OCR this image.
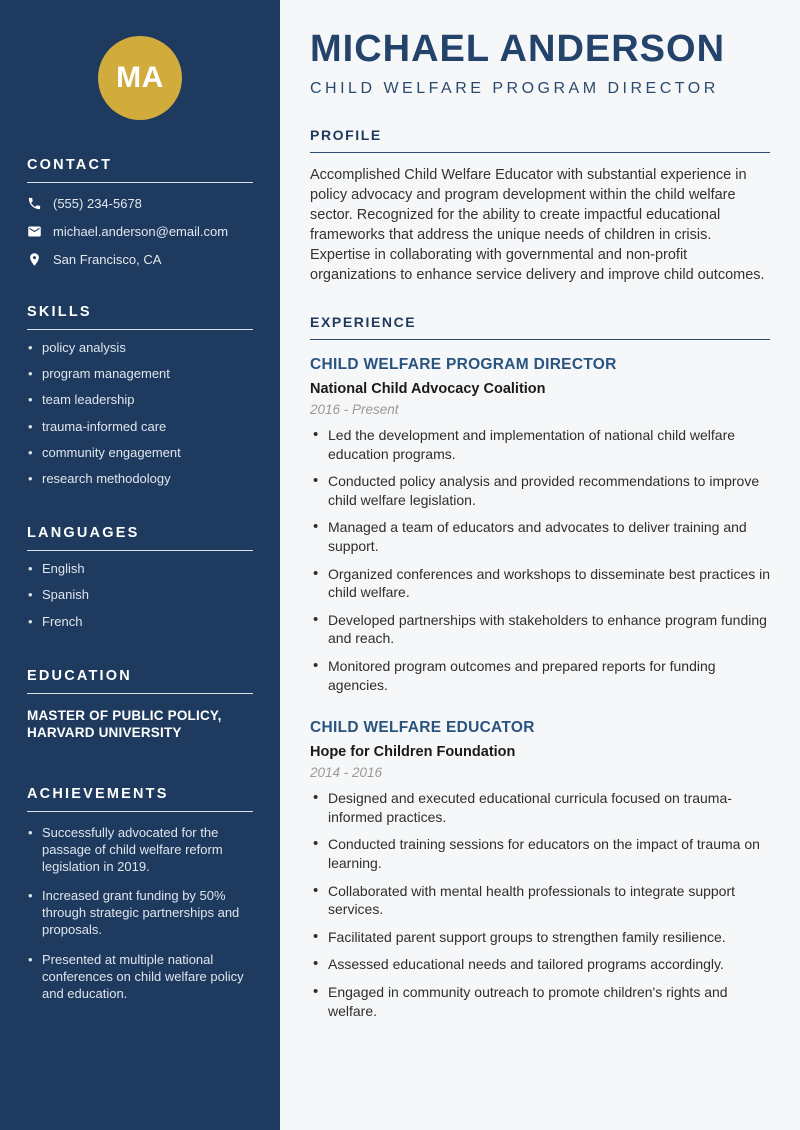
MA
CONTACT
(555) 234-5678
michael.anderson@email.com
San Francisco, CA
SKILLS
• policy analysis
• program management
• team leadership
• trauma-informed care
• community engagement
• research methodology
LANGUAGES
• English
• Spanish
• French
EDUCATION
MASTER OF PUBLIC POLICY, HARVARD UNIVERSITY
ACHIEVEMENTS
• Successfully advocated for the passage of child welfare reform legislation in 2019.
• Increased grant funding by 50% through strategic partnerships and proposals.
• Presented at multiple national conferences on child welfare policy and education.
MICHAEL ANDERSON
CHILD WELFARE PROGRAM DIRECTOR
PROFILE

Accomplished Child Welfare Educator with substantial experience in policy advocacy and program development within the child welfare sector. Recognized for the ability to create impactful educational frameworks that address the unique needs of children in crisis. Expertise in collaborating with governmental and non-profit organizations to enhance service delivery and improve child outcomes.

EXPERIENCE
CHILD WELFARE PROGRAM DIRECTOR
National Child Advocacy Coalition
2016 - Present
• Led the development and implementation of national child welfare education programs.
• Conducted policy analysis and provided recommendations to improve child welfare legislation.
• Managed a team of educators and advocates to deliver training and support.
• Organized conferences and workshops to disseminate best practices in child welfare.
• Developed partnerships with stakeholders to enhance program funding and reach.
• Monitored program outcomes and prepared reports for funding agencies.
CHILD WELFARE EDUCATOR
Hope for Children Foundation
2014 - 2016
• Designed and executed educational curricula focused on trauma-informed practices.
• Conducted training sessions for educators on the impact of trauma on learning.
• Collaborated with mental health professionals to integrate support services.
• Facilitated parent support groups to strengthen family resilience.
• Assessed educational needs and tailored programs accordingly.
• Engaged in community outreach to promote children's rights and welfare.
